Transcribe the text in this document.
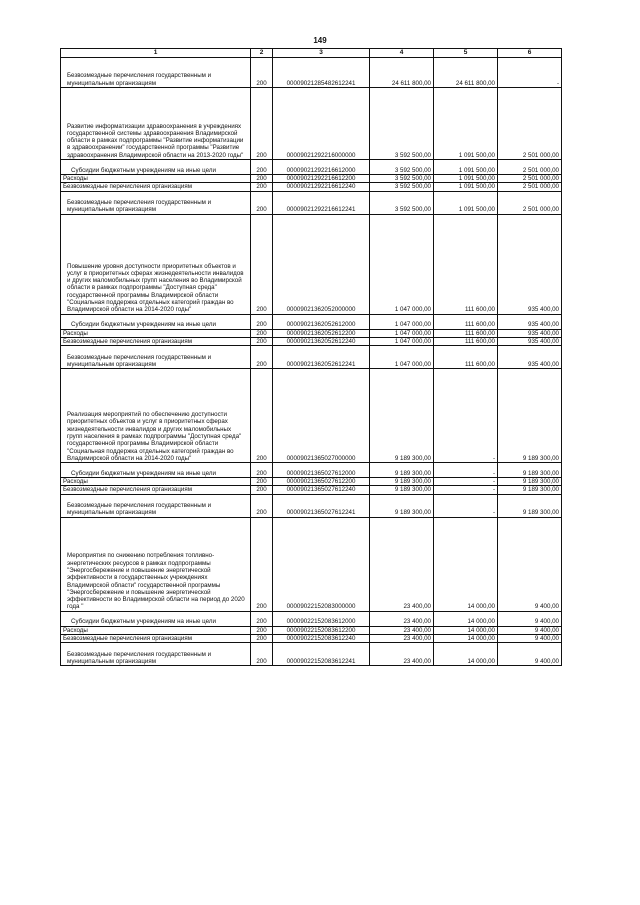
149
1	2	3	4	5	6
Безвозмездные перечисления государственным и муниципальным организациям	200	00009021285482612241	24 611 800,00	24 611 800,00	-
Развитие информатизации здравоохранения в учреждениях государственной системы здравоохранения Владимирской области в рамках подпрограммы "Развитие информатизации в здравоохранении" государственной программы "Развитие здравоохранения Владимирской области на 2013-2020 годы"	200	00009021292216000000	3 592 500,00	1 091 500,00	2 501 000,00
Субсидии бюджетным учреждениям на иные цели	200	00009021292216612000	3 592 500,00	1 091 500,00	2 501 000,00
Расходы	200	00009021292216612200	3 592 500,00	1 091 500,00	2 501 000,00
Безвозмездные перечисления организациям	200	00009021292216612240	3 592 500,00	1 091 500,00	2 501 000,00
Безвозмездные перечисления государственным и муниципальным организациям	200	00009021292216612241	3 592 500,00	1 091 500,00	2 501 000,00
Повышение уровня доступности приоритетных объектов и услуг в приоритетных сферах жизнедеятельности инвалидов и других маломобильных групп населения во Владимирской области в рамках подпрограммы "Доступная среда" государственной программы Владимирской области "Социальная поддержка отдельных категорий граждан во Владимирской области на 2014-2020 годы"	200	00009021362052000000	1 047 000,00	111 600,00	935 400,00
Субсидии бюджетным учреждениям на иные цели	200	00009021362052612000	1 047 000,00	111 600,00	935 400,00
Расходы	200	00009021362052612200	1 047 000,00	111 600,00	935 400,00
Безвозмездные перечисления организациям	200	00009021362052612240	1 047 000,00	111 600,00	935 400,00
Безвозмездные перечисления государственным и муниципальным организациям	200	00009021362052612241	1 047 000,00	111 600,00	935 400,00
Реализация мероприятий по обеспечению доступности приоритетных объектов и услуг в приоритетных сферах жизнедеятельности инвалидов и других маломобильных групп населения в рамках подпрограммы "Доступная среда" государственной программы Владимирской области "Социальная поддержка отдельных категорий граждан во Владимирской области на 2014-2020 годы"	200	00009021365027000000	9 189 300,00	-	9 189 300,00
Субсидии бюджетным учреждениям на иные цели	200	00009021365027612000	9 189 300,00	-	9 189 300,00
Расходы	200	00009021365027612200	9 189 300,00	-	9 189 300,00
Безвозмездные перечисления организациям	200	00009021365027612240	9 189 300,00	-	9 189 300,00
Безвозмездные перечисления государственным и муниципальным организациям	200	00009021365027612241	9 189 300,00	-	9 189 300,00
Мероприятия по снижению потребления топливно-энергетических ресурсов в рамках подпрограммы "Энергосбережение и повышение энергетической эффективности в государственных учреждениях Владимирской области" государственной программы "Энергосбережение и повышение энергетической эффективности во Владимирской области на период до 2020 года "	200	00009022152083000000	23 400,00	14 000,00	9 400,00
Субсидии бюджетным учреждениям на иные цели	200	00009022152083612000	23 400,00	14 000,00	9 400,00
Расходы	200	00009022152083612200	23 400,00	14 000,00	9 400,00
Безвозмездные перечисления организациям	200	00009022152083612240	23 400,00	14 000,00	9 400,00
Безвозмездные перечисления государственным и муниципальным организациям	200	00009022152083612241	23 400,00	14 000,00	9 400,00
